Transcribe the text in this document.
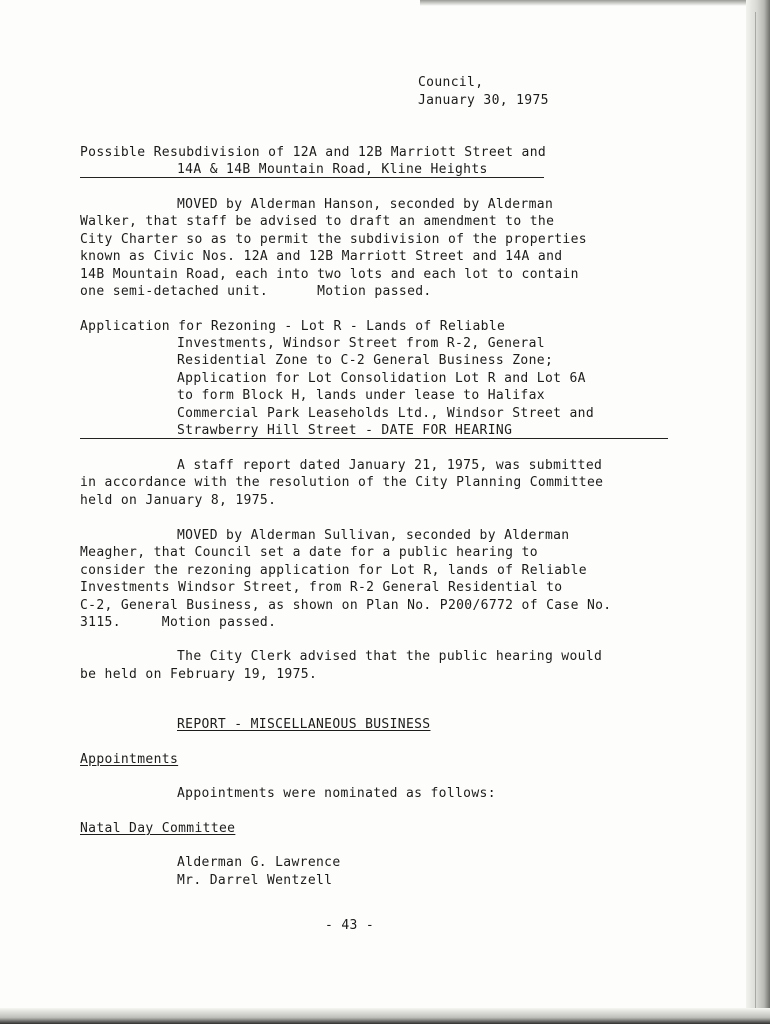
Council,

January 30, 1975

Possible Resubdivision of 12A and 12B Marriott Street and

14A & 14B Mountain Road, Kline Heights

MOVED by Alderman Hanson, seconded by Alderman

Walker, that staff be advised to draft an amendment to the

City Charter so as to permit the subdivision of the properties

known as Civic Nos. 12A and 12B Marriott Street and 14A and

14B Mountain Road, each into two lots and each lot to contain

one semi-detached unit.      Motion passed.

Application for Rezoning - Lot R - Lands of Reliable

Investments, Windsor Street from R-2, General

Residential Zone to C-2 General Business Zone;

Application for Lot Consolidation Lot R and Lot 6A

to form Block H, lands under lease to Halifax

Commercial Park Leaseholds Ltd., Windsor Street and

Strawberry Hill Street - DATE FOR HEARING

A staff report dated January 21, 1975, was submitted

in accordance with the resolution of the City Planning Committee

held on January 8, 1975.

MOVED by Alderman Sullivan, seconded by Alderman

Meagher, that Council set a date for a public hearing to

consider the rezoning application for Lot R, lands of Reliable

Investments Windsor Street, from R-2 General Residential to

C-2, General Business, as shown on Plan No. P200/6772 of Case No.

3115.     Motion passed.

The City Clerk advised that the public hearing would

be held on February 19, 1975.

REPORT - MISCELLANEOUS BUSINESS

Appointments

Appointments were nominated as follows:

Natal Day Committee

Alderman G. Lawrence

Mr. Darrel Wentzell

- 43 -
